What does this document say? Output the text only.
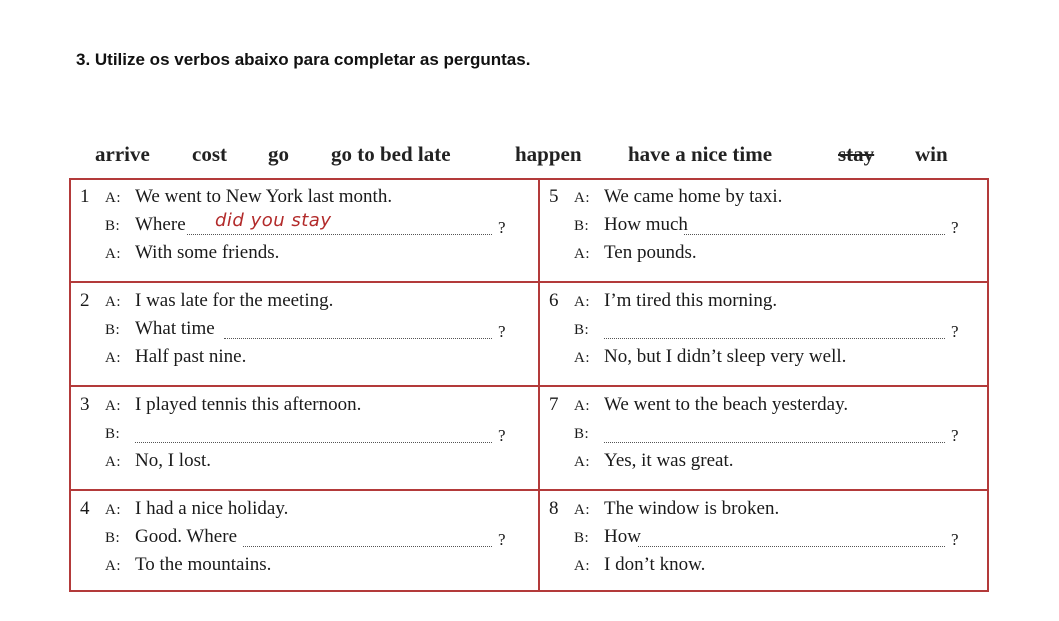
3. Utilize os verbos abaixo para completar as perguntas.
arrive cost go go to bed late	happen have a nice time	stay win
1 A: We went to New York last month.
B: Where did you stay	?
A: With some friends.
2 A: I was late for the meeting.
B: What time	?
A: Half past nine.
3 A: I played tennis this afternoon.
B:	?
A: No, I lost.
4 A: I had a nice holiday.
B: Good. Where	?
A: To the mountains.
5 A: We came home by taxi.
B: How much	?
A: Ten pounds.
6 A: I’m tired this morning.
B:	?
A: No, but I didn’t sleep very well.
7 A: We went to the beach yesterday.
B:	?
A: Yes, it was great.
8 A: The window is broken.
B: How	?
A: I don’t know.
